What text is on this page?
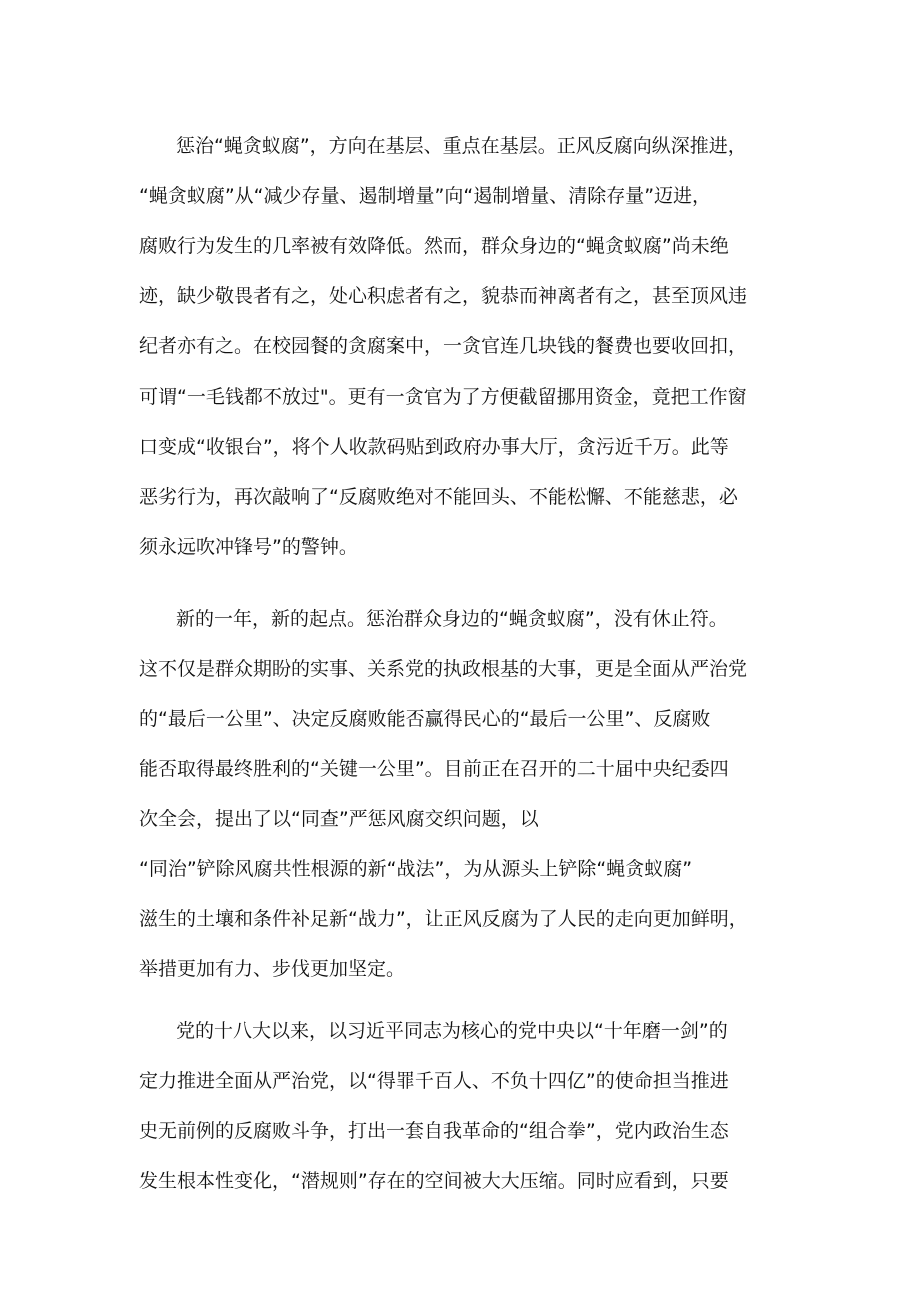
惩治“蝇贪蚁腐”，方向在基层、重点在基层。正风反腐向纵深推进，
“蝇贪蚁腐”从“减少存量、遏制增量”向“遏制增量、清除存量”迈进，
腐败行为发生的几率被有效降低。然而，群众身边的“蝇贪蚁腐”尚未绝
迹，缺少敬畏者有之，处心积虑者有之，貌恭而神离者有之，甚至顶风违
纪者亦有之。在校园餐的贪腐案中，一贪官连几块钱的餐费也要收回扣，
可谓“一毛钱都不放过"。更有一贪官为了方便截留挪用资金，竟把工作窗
口变成“收银台”，将个人收款码贴到政府办事大厅，贪污近千万。此等
恶劣行为，再次敲响了“反腐败绝对不能回头、不能松懈、不能慈悲，必
须永远吹冲锋号”的警钟。
新的一年，新的起点。惩治群众身边的“蝇贪蚁腐”，没有休止符。
这不仅是群众期盼的实事、关系党的执政根基的大事，更是全面从严治党
的“最后一公里”、决定反腐败能否赢得民心的“最后一公里”、反腐败
能否取得最终胜利的“关键一公里”。目前正在召开的二十届中央纪委四
次全会，提出了以“同查”严惩风腐交织问题，以
“同治”铲除风腐共性根源的新“战法”，为从源头上铲除“蝇贪蚁腐”
滋生的土壤和条件补足新“战力”，让正风反腐为了人民的走向更加鲜明，
举措更加有力、步伐更加坚定。
党的十八大以来，以习近平同志为核心的党中央以“十年磨一剑”的
定力推进全面从严治党，以“得罪千百人、不负十四亿”的使命担当推进
史无前例的反腐败斗争，打出一套自我革命的“组合拳”，党内政治生态
发生根本性变化，“潜规则”存在的空间被大大压缩。同时应看到，只要
